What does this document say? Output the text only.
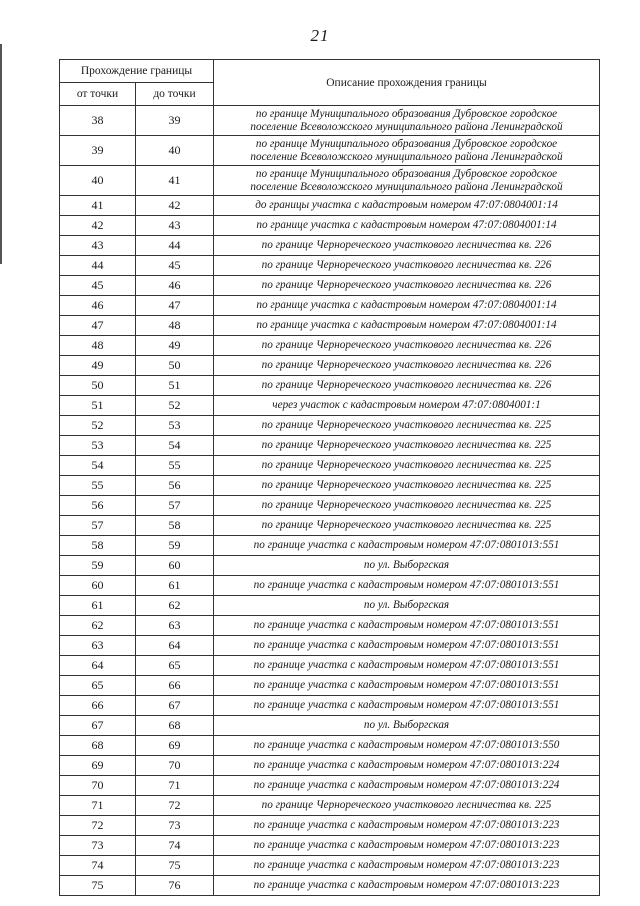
21
Прохождение границы		Описание прохождения границы
от точки	до точки	
38	39	по границе Муниципального образования Дубровское городское
поселение Всеволожского муниципального района Ленинградской

39	40	по границе Муниципального образования Дубровское городское
поселение Всеволожского муниципального района Ленинградской

40	41	по границе Муниципального образования Дубровское городское
поселение Всеволожского муниципального района Ленинградской

41	42	до границы участка с кадастровым номером 47:07:0804001:14

42	43	по границе участка с кадастровым номером 47:07:0804001:14

43	44	по границе Чернореческого участкового лесничества кв. 226

44	45	по границе Чернореческого участкового лесничества кв. 226

45	46	по границе Чернореческого участкового лесничества кв. 226

46	47	по границе участка с кадастровым номером 47:07:0804001:14

47	48	по границе участка с кадастровым номером 47:07:0804001:14

48	49	по границе Чернореческого участкового лесничества кв. 226

49	50	по границе Чернореческого участкового лесничества кв. 226

50	51	по границе Чернореческого участкового лесничества кв. 226

51	52	через участок с кадастровым номером 47:07:0804001:1

52	53	по границе Чернореческого участкового лесничества кв. 225

53	54	по границе Чернореческого участкового лесничества кв. 225

54	55	по границе Чернореческого участкового лесничества кв. 225

55	56	по границе Чернореческого участкового лесничества кв. 225

56	57	по границе Чернореческого участкового лесничества кв. 225

57	58	по границе Чернореческого участкового лесничества кв. 225

58	59	по границе участка с кадастровым номером 47:07:0801013:551

59	60	по ул. Выборгская

60	61	по границе участка с кадастровым номером 47:07:0801013:551

61	62	по ул. Выборгская

62	63	по границе участка с кадастровым номером 47:07:0801013:551

63	64	по границе участка с кадастровым номером 47:07:0801013:551

64	65	по границе участка с кадастровым номером 47:07:0801013:551

65	66	по границе участка с кадастровым номером 47:07:0801013:551

66	67	по границе участка с кадастровым номером 47:07:0801013:551

67	68	по ул. Выборгская

68	69	по границе участка с кадастровым номером 47:07:0801013:550

69	70	по границе участка с кадастровым номером 47:07:0801013:224

70	71	по границе участка с кадастровым номером 47:07:0801013:224

71	72	по границе Чернореческого участкового лесничества кв. 225

72	73	по границе участка с кадастровым номером 47:07:0801013:223

73	74	по границе участка с кадастровым номером 47:07:0801013:223

74	75	по границе участка с кадастровым номером 47:07:0801013:223

75	76	по границе участка с кадастровым номером 47:07:0801013:223
